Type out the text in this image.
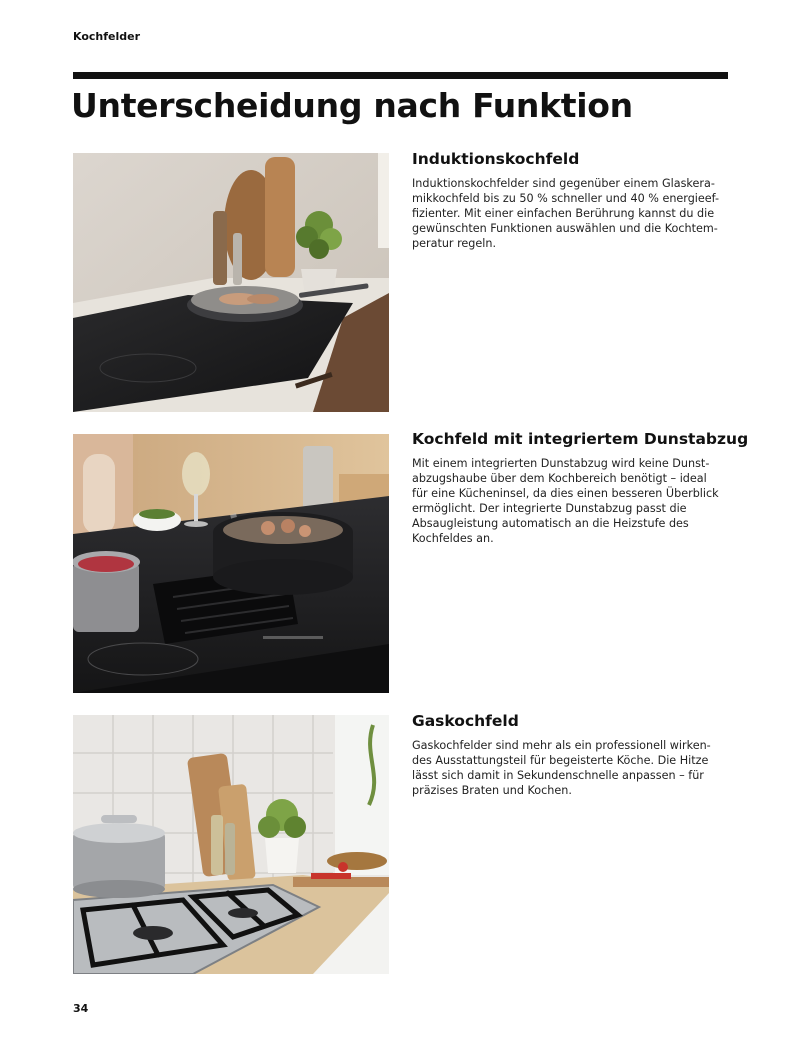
Kochfelder
Unterscheidung nach Funktion
Induktionskochfeld
Induktionskochfelder sind gegenüber einem Glaskera-
mikkochfeld bis zu 50 % schneller und 40 % energieef-
fizienter. Mit einer einfachen Berührung kannst du die
gewünschten Funktionen auswählen und die Kochtem-
peratur regeln.
Kochfeld mit integriertem Dunstabzug
Mit einem integrierten Dunstabzug wird keine Dunst-
abzugshaube über dem Kochbereich benötigt – ideal
für eine Kücheninsel, da dies einen besseren Überblick
ermöglicht. Der integrierte Dunstabzug passt die
Absaugleistung automatisch an die Heizstufe des
Kochfeldes an.
Gaskochfeld
Gaskochfelder sind mehr als ein professionell wirken-
des Ausstattungsteil für begeisterte Köche. Die Hitze
lässt sich damit in Sekundenschnelle anpassen – für
präzises Braten und Kochen.
34
